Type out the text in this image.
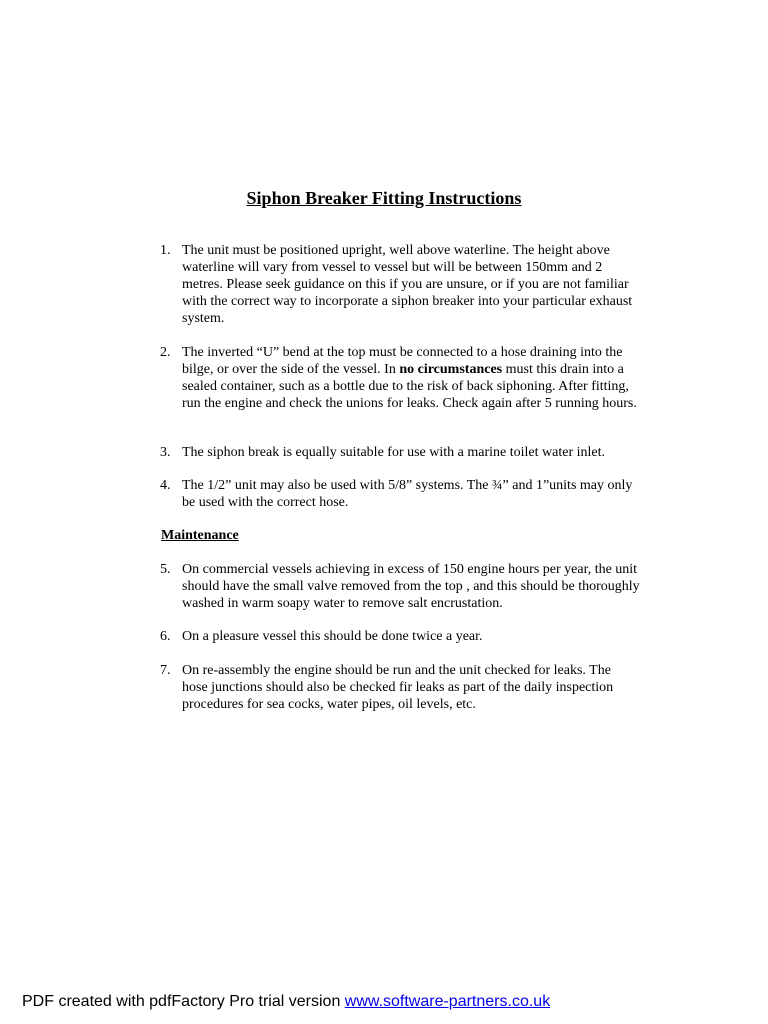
Siphon Breaker Fitting Instructions
1. The unit must be positioned upright, well above waterline. The height above waterline will vary from vessel to vessel but will be between 150mm and 2 metres. Please seek guidance on this if you are unsure, or if you are not familiar with the correct way to incorporate a siphon breaker into your particular exhaust system.
2. The inverted “U” bend at the top must be connected to a hose draining into the bilge, or over the side of the vessel. In no circumstances must this drain into a sealed container, such as a bottle due to the risk of back siphoning. After fitting, run the engine and check the unions for leaks. Check again after 5 running hours.
3. The siphon break is equally suitable for use with a marine toilet water inlet.
4. The 1/2” unit may also be used with 5/8” systems. The ¾” and 1”units may only be used with the correct hose.
Maintenance
5. On commercial vessels achieving in excess of 150 engine hours per year, the unit should have the small valve removed from the top , and this should be thoroughly washed in warm soapy water to remove salt encrustation.
6. On a pleasure vessel this should be done twice a year.
7. On re-assembly the engine should be run and the unit checked for leaks. The hose junctions should also be checked fir leaks as part of the daily inspection procedures for sea cocks, water pipes, oil levels, etc.
PDF created with pdfFactory Pro trial version www.software-partners.co.uk
